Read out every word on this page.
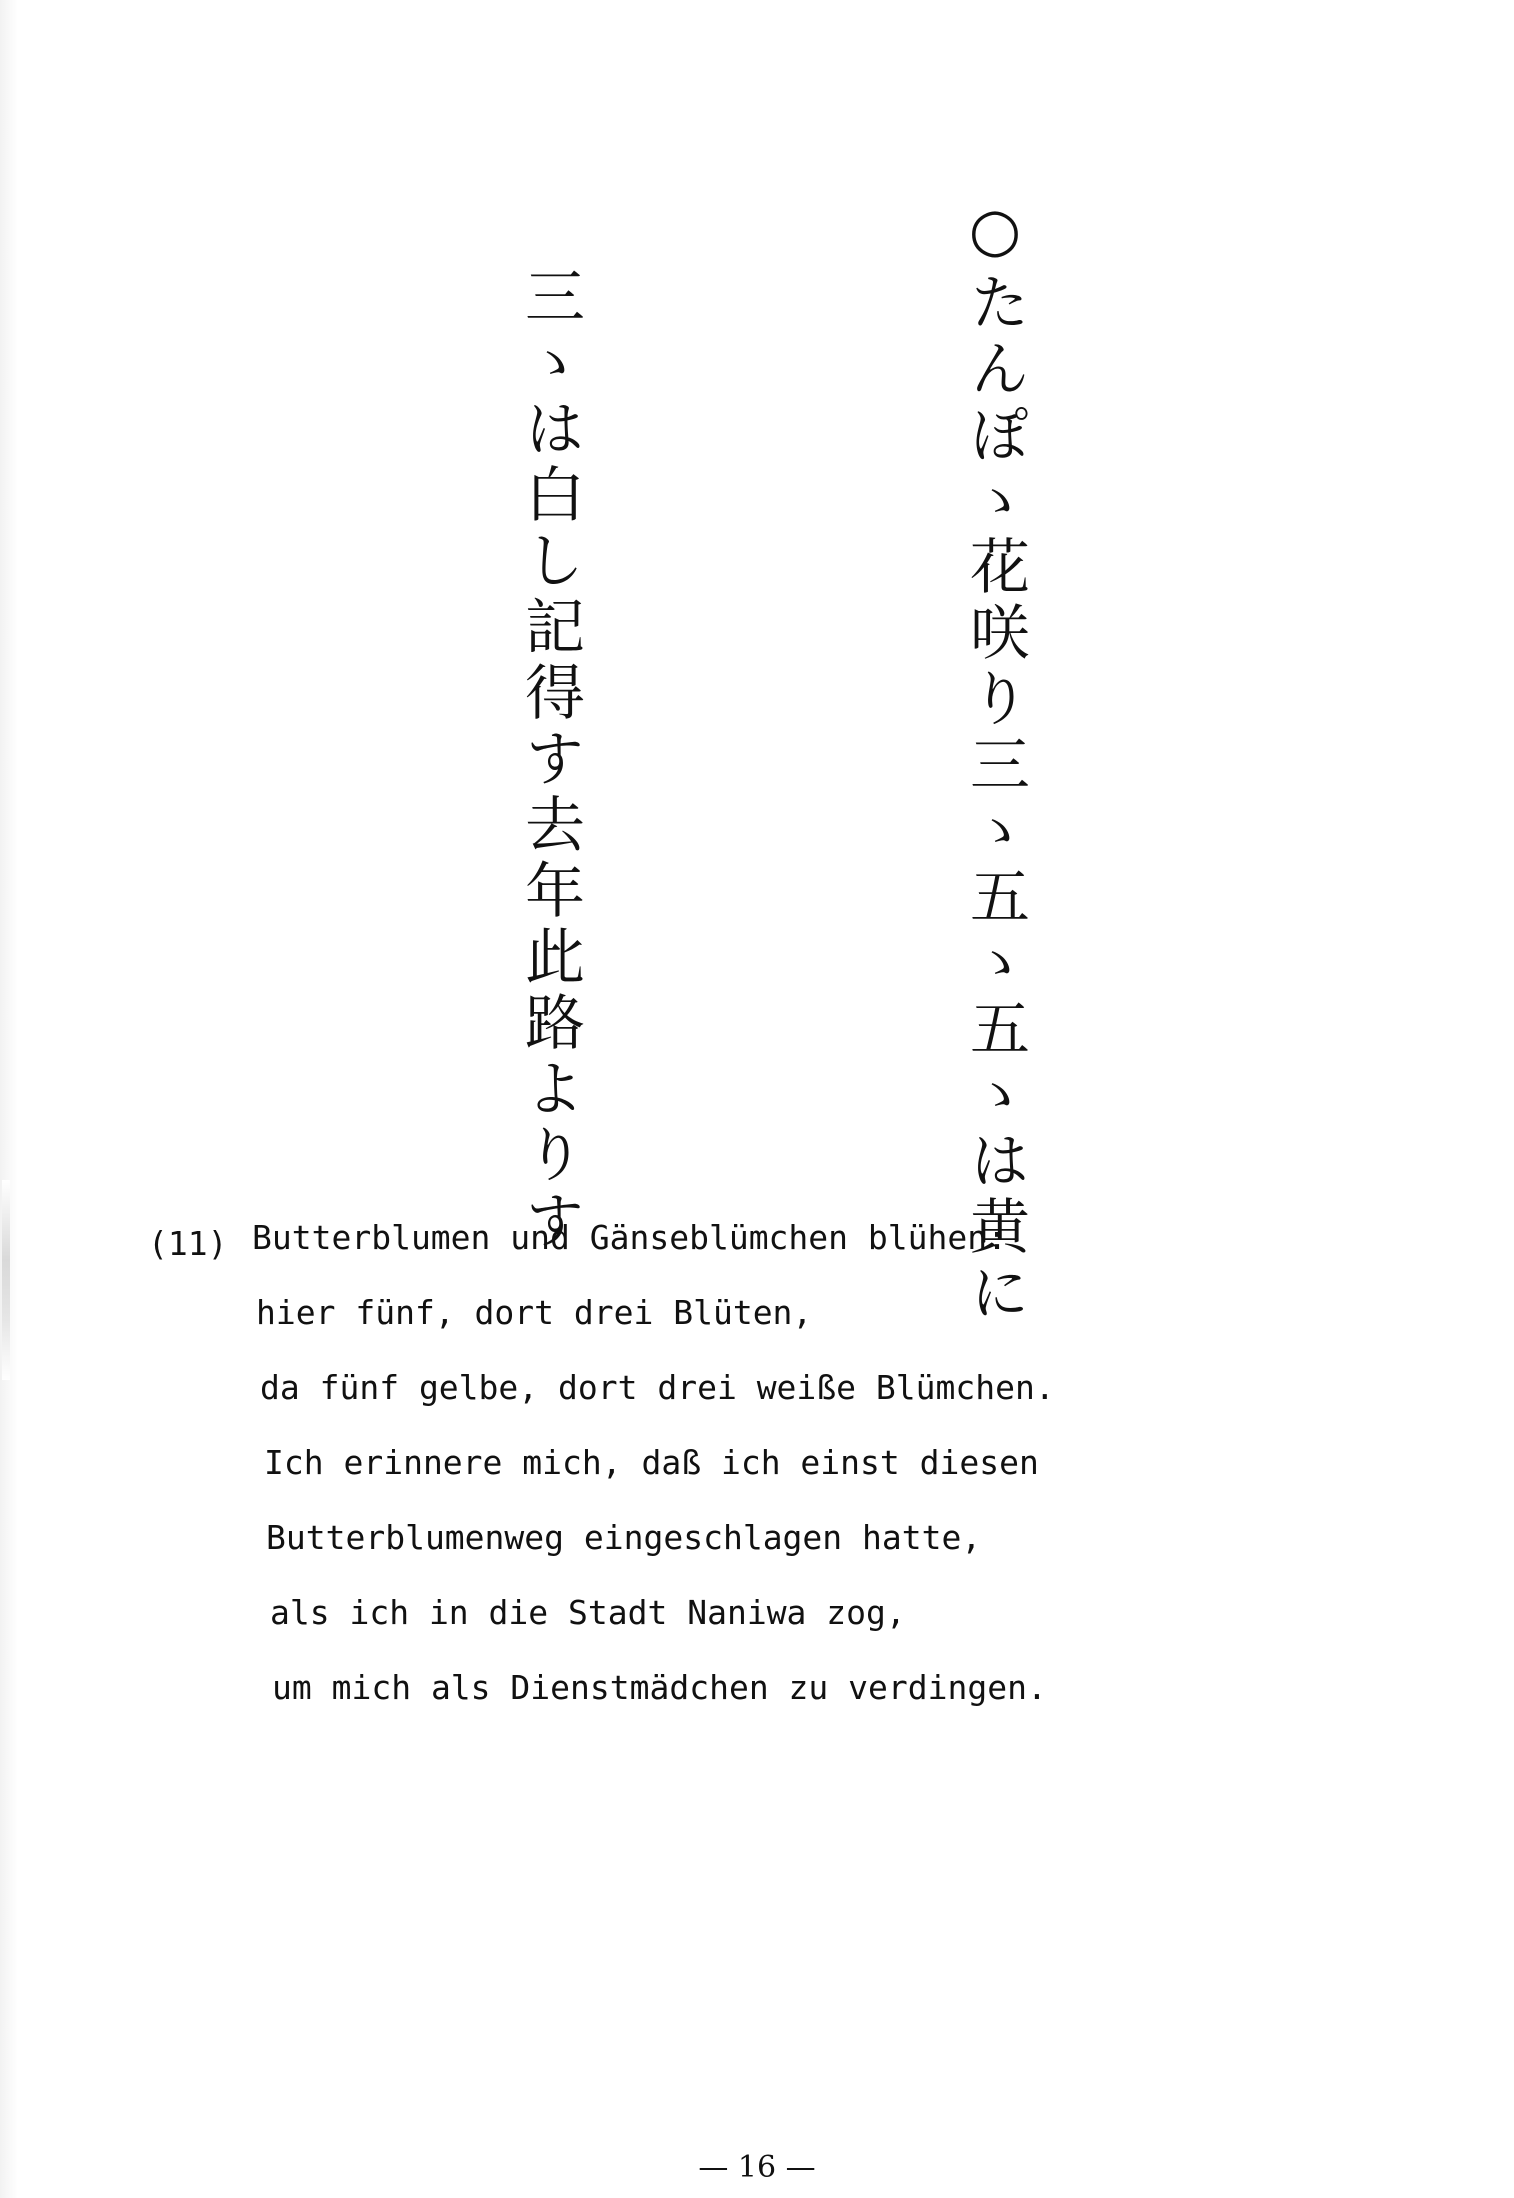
○たんぽゝ花咲り三ゝ五ゝ五ゝは黄に
三ゝは白し記得す去年此路よりす
(11) Butterblumen und Gänseblümchen blühen:
hier fünf, dort drei Blüten,
da fünf gelbe, dort drei weiße Blümchen.
Ich erinnere mich, daß ich einst diesen
Butterblumenweg eingeschlagen hatte,
als ich in die Stadt Naniwa zog,
um mich als Dienstmädchen zu verdingen.
— 16 —
